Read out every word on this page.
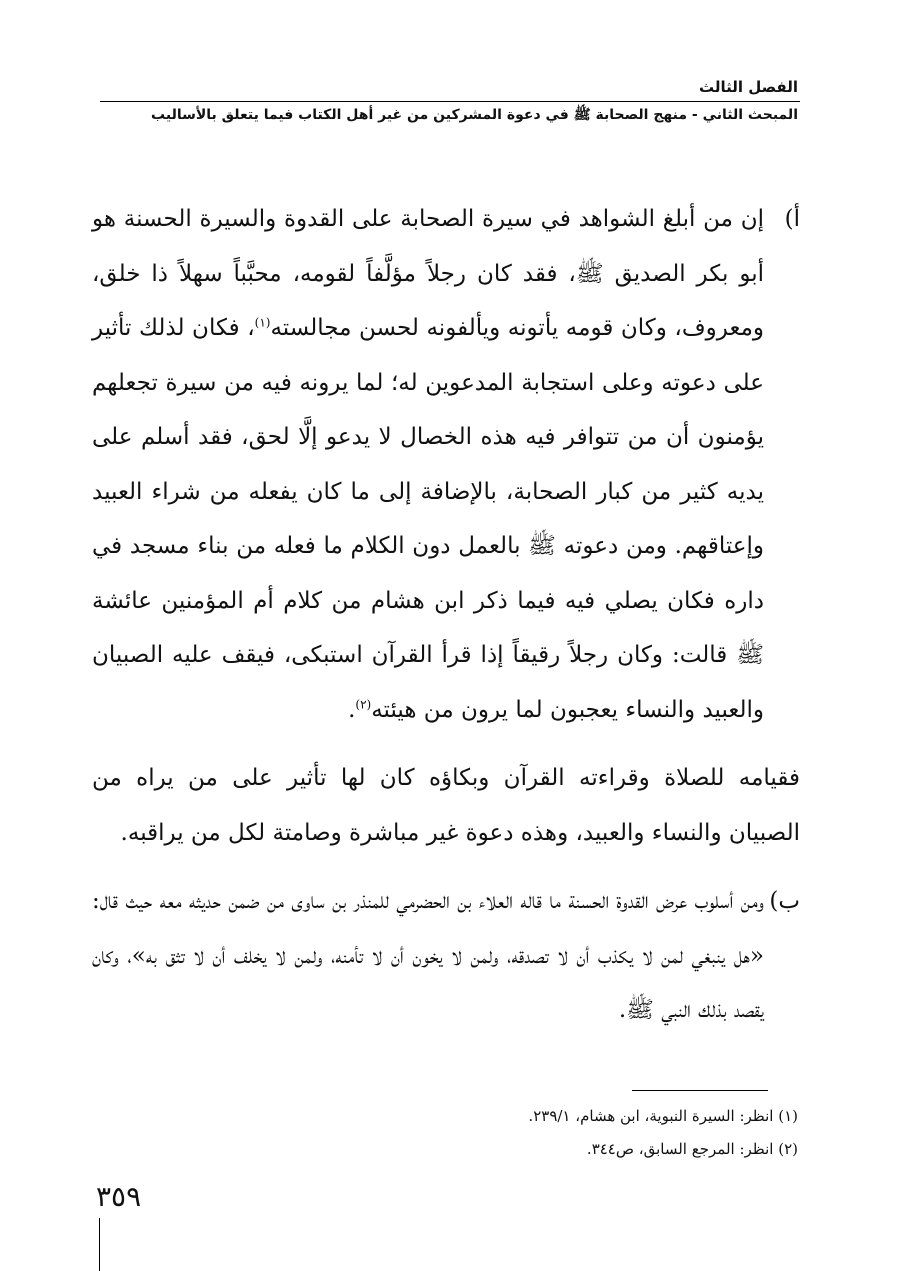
الفصل الثالث
المبحث الثاني - منهج الصحابة ﷺ في دعوة المشركين من غير أهل الكتاب فيما يتعلق بالأساليب

أ)
إن من أبلغ الشواهد في سيرة الصحابة على القدوة والسيرة الحسنة هو أبو بكر الصديق ﷺ، فقد كان رجلاً مؤلَّفاً لقومه، محبَّباً سهلاً ذا خلق، ومعروف، وكان قومه يأتونه ويألفونه لحسن مجالسته$^{(١)}$، فكان لذلك تأثير على دعوته وعلى استجابة المدعوين له؛ لما يرونه فيه من سيرة تجعلهم يؤمنون أن من تتوافر فيه هذه الخصال لا يدعو إلَّا لحق، فقد أسلم على يديه كثير من كبار الصحابة، بالإضافة إلى ما كان يفعله من شراء العبيد وإعتاقهم. ومن دعوته ﷺ بالعمل دون الكلام ما فعله من بناء مسجد في داره فكان يصلي فيه فيما ذكر ابن هشام من كلام أم المؤمنين عائشة ﷺ قالت: وكان رجلاً رقيقاً إذا قرأ القرآن استبكى، فيقف عليه الصبيان والعبيد والنساء يعجبون لما يرون من هيئته$^{(٢)}$.

فقيامه للصلاة وقراءته القرآن وبكاؤه كان لها تأثير على من يراه من الصبيان والنساء والعبيد، وهذه دعوة غير مباشرة وصامتة لكل من يراقبه.

ب)
ومن أسلوب عرض القدوة الحسنة ما قاله العلاء بن الحضرمي للمنذر بن ساوى من ضمن حديثه معه حيث قال: «هل ينبغي لمن لا يكذب أن لا تصدقه، ولمن لا يخون أن لا تأمنه، ولمن لا يخلف أن لا تثق به»، وكان يقصد بذلك النبي ﷺ.

(١) انظر: السيرة النبوية، ابن هشام، ٢٣٩/١.
(٢) انظر: المرجع السابق، ص٣٤٤.
٣٥٩
